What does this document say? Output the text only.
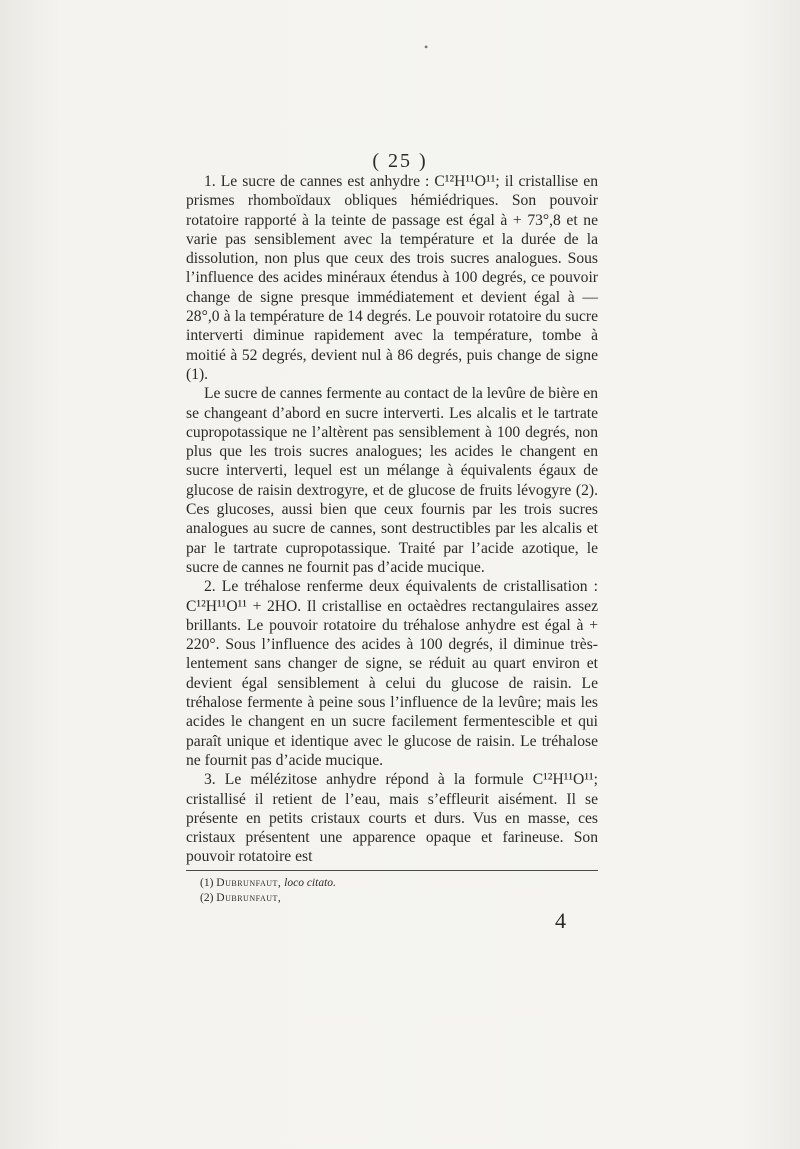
•
( 25 )

1. Le sucre de cannes est anhydre : C¹²H¹¹O¹¹; il cristallise en prismes rhomboïdaux obliques hémiédriques. Son pouvoir rotatoire rapporté à la teinte de passage est égal à + 73°,8 et ne varie pas sensiblement avec la température et la durée de la dissolution, non plus que ceux des trois sucres analogues. Sous l’influence des acides minéraux étendus à 100 degrés, ce pouvoir change de signe presque immédiatement et devient égal à — 28°,0 à la température de 14 degrés. Le pouvoir rotatoire du sucre interverti diminue rapidement avec la température, tombe à moitié à 52 degrés, devient nul à 86 degrés, puis change de signe (1).

Le sucre de cannes fermente au contact de la levûre de bière en se changeant d’abord en sucre interverti. Les alcalis et le tartrate cupropotassique ne l’altèrent pas sensiblement à 100 degrés, non plus que les trois sucres analogues; les acides le changent en sucre interverti, lequel est un mélange à équivalents égaux de glucose de raisin dextrogyre, et de glucose de fruits lévogyre (2). Ces glucoses, aussi bien que ceux fournis par les trois sucres analogues au sucre de cannes, sont destructibles par les alcalis et par le tartrate cupropotassique. Traité par l’acide azotique, le sucre de cannes ne fournit pas d’acide mucique.

2. Le tréhalose renferme deux équivalents de cristallisation : C¹²H¹¹O¹¹ + 2HO. Il cristallise en octaèdres rectangulaires assez brillants. Le pouvoir rotatoire du tréhalose anhydre est égal à + 220°. Sous l’influence des acides à 100 degrés, il diminue très-lentement sans changer de signe, se réduit au quart environ et devient égal sensiblement à celui du glucose de raisin. Le tréhalose fermente à peine sous l’influence de la levûre; mais les acides le changent en un sucre facilement fermentescible et qui paraît unique et identique avec le glucose de raisin. Le tréhalose ne fournit pas d’acide mucique.

3. Le mélézitose anhydre répond à la formule C¹²H¹¹O¹¹; cristallisé il retient de l’eau, mais s’effleurit aisément. Il se présente en petits cristaux courts et durs. Vus en masse, ces cristaux présentent une apparence opaque et farineuse. Son pouvoir rotatoire est

(1) Dubrunfaut, loco citato.
(2) Dubrunfaut,
4
